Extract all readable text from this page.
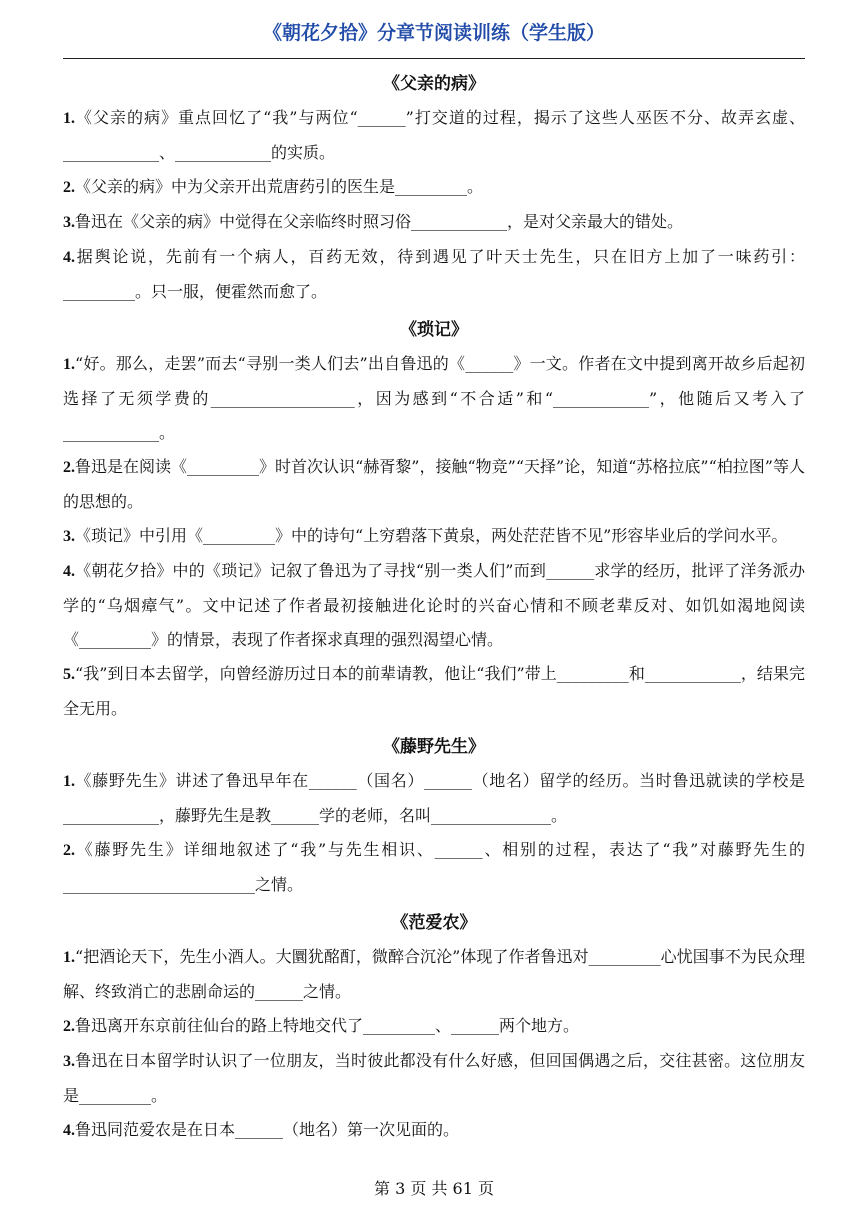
《朝花夕拾》分章节阅读训练（学生版）
《父亲的病》
1.《父亲的病》重点回忆了“我”与两位“______”打交道的过程，揭示了这些人巫医不分、故弄玄虚、____________、____________的实质。
2.《父亲的病》中为父亲开出荒唐药引的医生是_________。
3.鲁迅在《父亲的病》中觉得在父亲临终时照习俗____________，是对父亲最大的错处。
4.据舆论说，先前有一个病人，百药无效，待到遇见了叶天士先生，只在旧方上加了一味药引：_________。只一服，便霍然而愈了。
《琐记》
1.“好。那么，走罢”而去“寻别一类人们去”出自鲁迅的《______》一文。作者在文中提到离开故乡后起初选择了无须学费的__________________，因为感到“不合适”和“____________”，他随后又考入了____________。
2.鲁迅是在阅读《_________》时首次认识“赫胥黎”，接触“物竞”“天择”论，知道“苏格拉底”“柏拉图”等人的思想的。
3.《琐记》中引用《_________》中的诗句“上穷碧落下黄泉，两处茫茫皆不见”形容毕业后的学问水平。
4.《朝花夕拾》中的《琐记》记叙了鲁迅为了寻找“别一类人们”而到______求学的经历，批评了洋务派办学的“乌烟瘴气”。文中记述了作者最初接触进化论时的兴奋心情和不顾老辈反对、如饥如渴地阅读《_________》的情景，表现了作者探求真理的强烈渴望心情。
5.“我”到日本去留学，向曾经游历过日本的前辈请教，他让“我们”带上_________和____________，结果完全无用。
《藤野先生》
1.《藤野先生》讲述了鲁迅早年在______（国名）______（地名）留学的经历。当时鲁迅就读的学校是____________，藤野先生是教______学的老师，名叫_______________。
2.《藤野先生》详细地叙述了“我”与先生相识、______、相别的过程，表达了“我”对藤野先生的________________________之情。
《范爱农》
1.“把酒论天下，先生小酒人。大圜犹酩酊，微醉合沉沦”体现了作者鲁迅对_________心忧国事不为民众理解、终致消亡的悲剧命运的______之情。
2.鲁迅离开东京前往仙台的路上特地交代了_________、______两个地方。
3.鲁迅在日本留学时认识了一位朋友，当时彼此都没有什么好感，但回国偶遇之后，交往甚密。这位朋友是_________。
4.鲁迅同范爱农是在日本______（地名）第一次见面的。
第 3 页 共 61 页
